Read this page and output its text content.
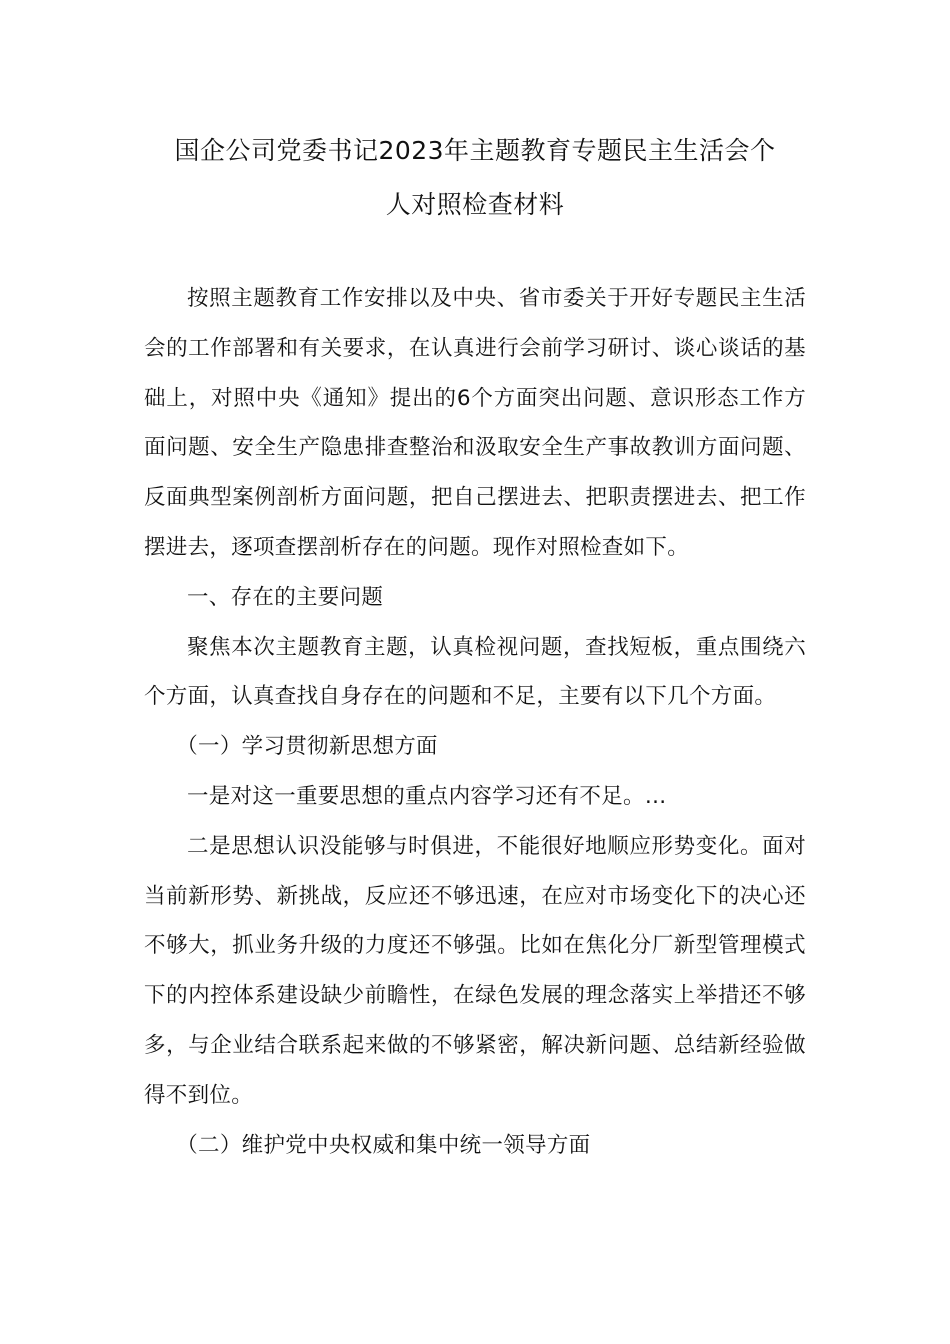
国企公司党委书记2023年主题教育专题民主生活会个
人对照检查材料

按照主题教育工作安排以及中央、省市委关于开好专题民主生活会的工作部署和有关要求，在认真进行会前学习研讨、谈心谈话的基础上，对照中央《通知》提出的6个方面突出问题、意识形态工作方面问题、安全生产隐患排查整治和汲取安全生产事故教训方面问题、反面典型案例剖析方面问题，把自己摆进去、把职责摆进去、把工作摆进去，逐项查摆剖析存在的问题。现作对照检查如下。

一、存在的主要问题

聚焦本次主题教育主题，认真检视问题，查找短板，重点围绕六个方面，认真查找自身存在的问题和不足，主要有以下几个方面。

（一）学习贯彻新思想方面

一是对这一重要思想的重点内容学习还有不足。…

二是思想认识没能够与时俱进，不能很好地顺应形势变化。面对当前新形势、新挑战，反应还不够迅速，在应对市场变化下的决心还不够大，抓业务升级的力度还不够强。比如在焦化分厂新型管理模式下的内控体系建设缺少前瞻性，在绿色发展的理念落实上举措还不够多，与企业结合联系起来做的不够紧密，解决新问题、总结新经验做得不到位。

（二）维护党中央权威和集中统一领导方面
